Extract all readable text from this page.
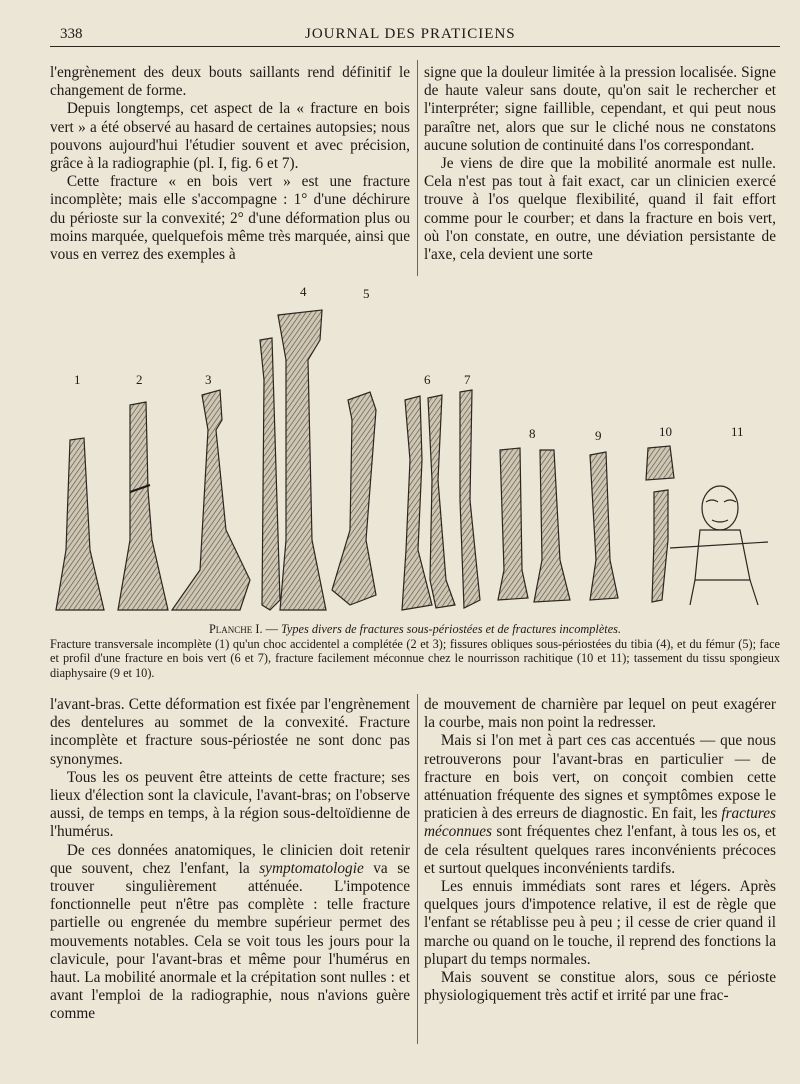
338	JOURNAL DES PRATICIENS

l'engrènement des deux bouts saillants rend définitif le changement de forme.

Depuis longtemps, cet aspect de la « fracture en bois vert » a été observé au hasard de certaines autopsies; nous pouvons aujourd'hui l'étudier souvent et avec précision, grâce à la radiographie (pl. I, fig. 6 et 7).

Cette fracture « en bois vert » est une fracture incomplète; mais elle s'accompagne : 1° d'une déchirure du périoste sur la convexité; 2° d'une déformation plus ou moins marquée, quelquefois même très marquée, ainsi que vous en verrez des exemples à

signe que la douleur limitée à la pression localisée. Signe de haute valeur sans doute, qu'on sait le rechercher et l'interpréter; signe faillible, cependant, et qui peut nous paraître net, alors que sur le cliché nous ne constatons aucune solution de continuité dans l'os correspondant.

Je viens de dire que la mobilité anormale est nulle. Cela n'est pas tout à fait exact, car un clinicien exercé trouve à l'os quelque flexibilité, quand il fait effort comme pour le courber; et dans la fracture en bois vert, où l'on constate, en outre, une déviation persistante de l'axe, cela devient une sorte

1	2	3
4	5
6	7
8	9	10	11
Planche I. — Types divers de fractures sous-périostées et de fractures incomplètes.
Fracture transversale incomplète (1) qu'un choc accidentel a complétée (2 et 3); fissures obliques sous-périostées du tibia (4), et du fémur (5); face et profil d'une fracture en bois vert (6 et 7), fracture facilement méconnue chez le nourrisson rachitique (10 et 11); tassement du tissu spongieux diaphysaire (9 et 10).

l'avant-bras. Cette déformation est fixée par l'engrènement des dentelures au sommet de la convexité. Fracture incomplète et fracture sous-périostée ne sont donc pas synonymes.

Tous les os peuvent être atteints de cette fracture; ses lieux d'élection sont la clavicule, l'avant-bras; on l'observe aussi, de temps en temps, à la région sous-deltoïdienne de l'humérus.

De ces données anatomiques, le clinicien doit retenir que souvent, chez l'enfant, la symptomatologie va se trouver singulièrement atténuée. L'impotence fonctionnelle peut n'être pas complète : telle fracture partielle ou engrenée du membre supérieur permet des mouvements notables. Cela se voit tous les jours pour la clavicule, pour l'avant-bras et même pour l'humérus en haut. La mobilité anormale et la crépitation sont nulles : et avant l'emploi de la radiographie, nous n'avions guère comme

de mouvement de charnière par lequel on peut exagérer la courbe, mais non point la redresser.

Mais si l'on met à part ces cas accentués — que nous retrouverons pour l'avant-bras en particulier — de fracture en bois vert, on conçoit combien cette atténuation fréquente des signes et symptômes expose le praticien à des erreurs de diagnostic. En fait, les fractures méconnues sont fréquentes chez l'enfant, à tous les os, et de cela résultent quelques rares inconvénients précoces et surtout quelques inconvénients tardifs.

Les ennuis immédiats sont rares et légers. Après quelques jours d'impotence relative, il est de règle que l'enfant se rétablisse peu à peu ; il cesse de crier quand il marche ou quand on le touche, il reprend des fonctions la plupart du temps normales.

Mais souvent se constitue alors, sous ce périoste physiologiquement très actif et irrité par une frac-
